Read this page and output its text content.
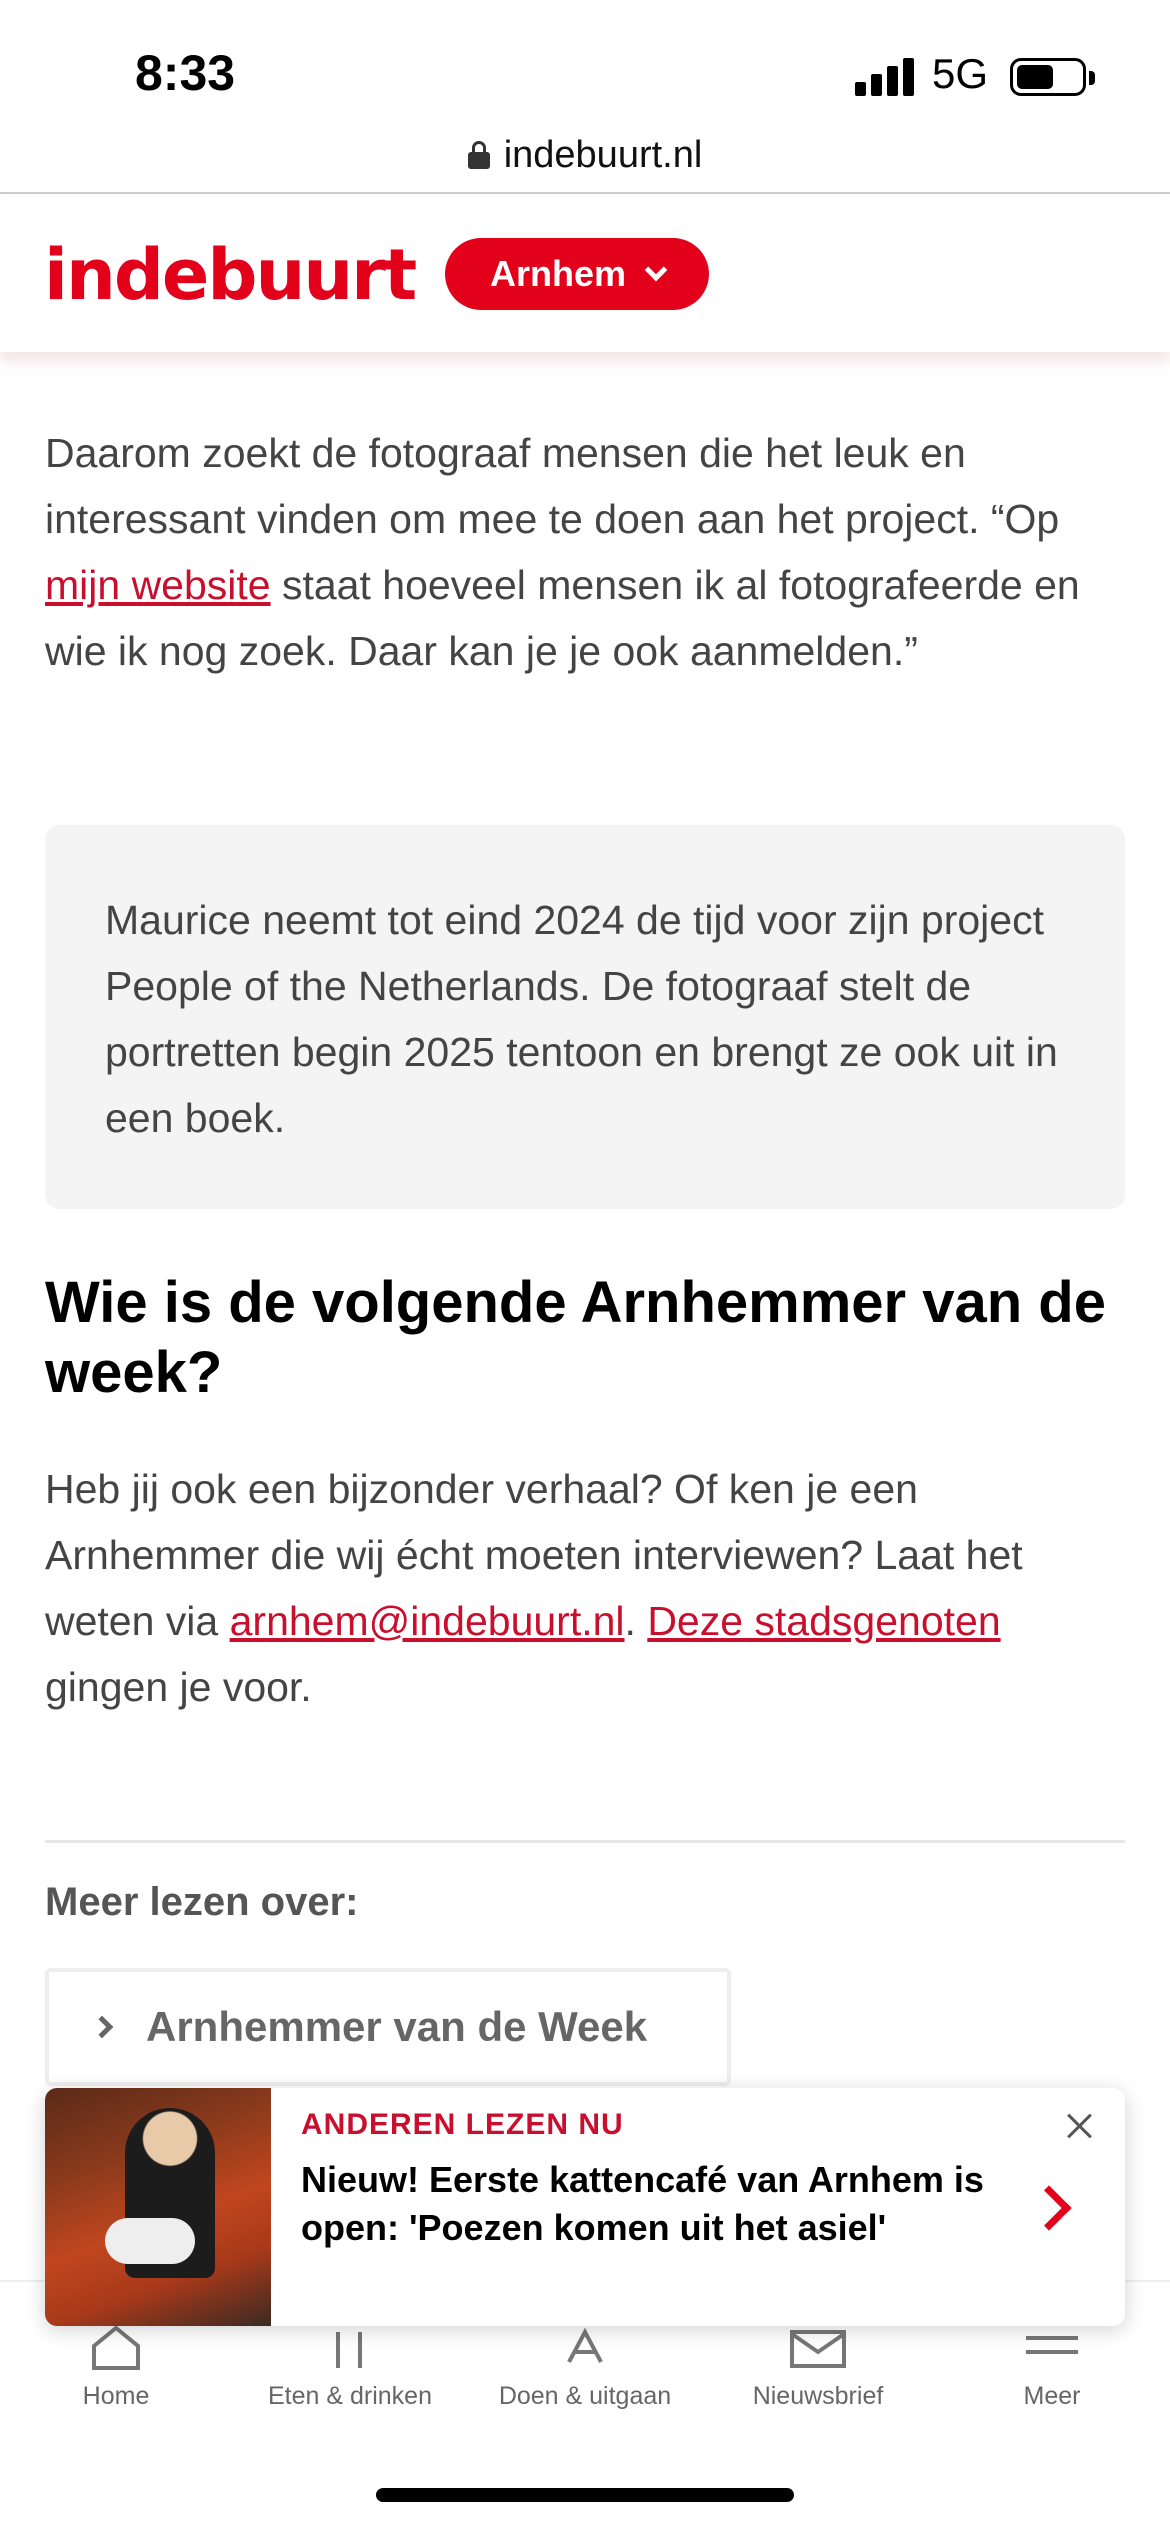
8:33	5G
indebuurt.nl
indebuurt Arnhem

Daarom zoekt de fotograaf mensen die het leuk en interessant vinden om mee te doen aan het project. “Op mijn website staat hoeveel mensen ik al fotografeerde en wie ik nog zoek. Daar kan je je ook aanmelden.”

Maurice neemt tot eind 2024 de tijd voor zijn project People of the Netherlands. De fotograaf stelt de portretten begin 2025 tentoon en brengt ze ook uit in een boek.

Wie is de volgende Arnhemmer van de week?

Heb jij ook een bijzonder verhaal? Of ken je een Arnhemmer die wij écht moeten interviewen? Laat het weten via arnhem@indebuurt.nl. Deze stadsgenoten gingen je voor.

Meer lezen over:
Arnhemmer van de Week
Home	Eten & drinken	Doen & uitgaan	Nieuwsbrief	Meer
ANDEREN LEZEN NU

Nieuw! Eerste kattencafé van Arnhem is open: 'Poezen komen uit het asiel'
